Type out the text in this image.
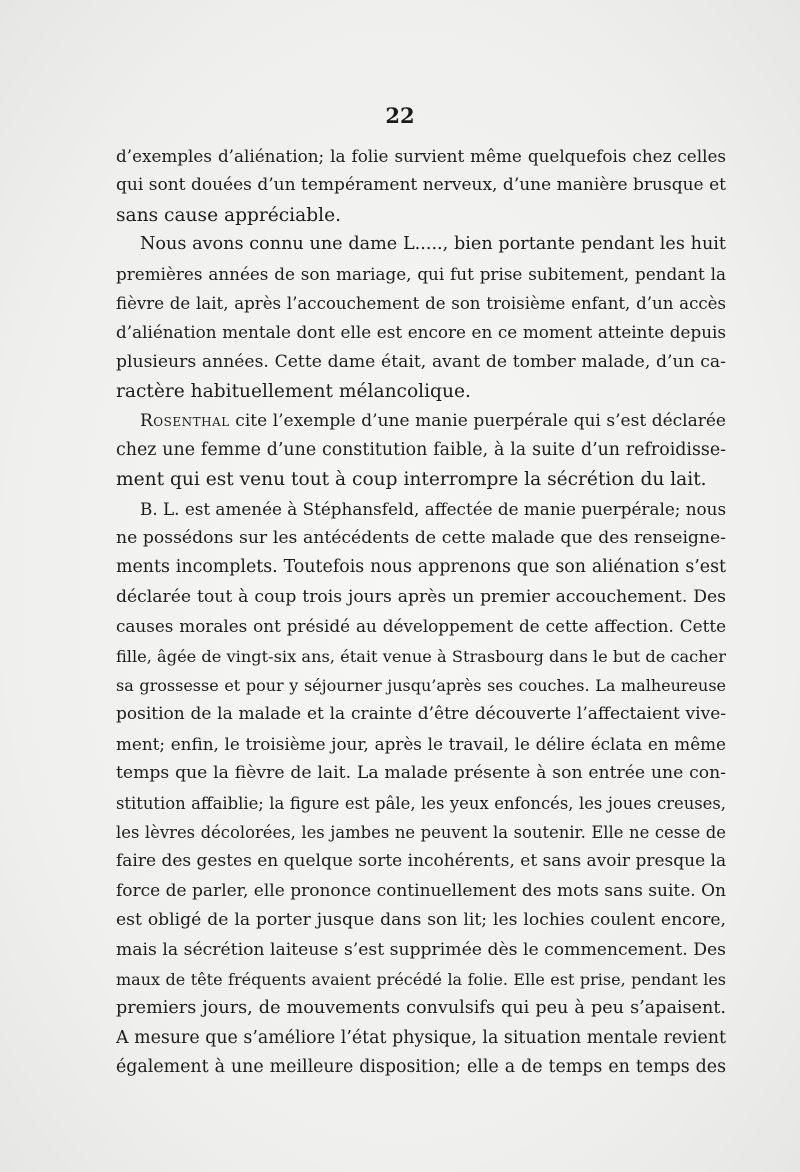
22
d’exemples d’aliénation; la folie survient même quelquefois chez celles
qui sont douées d’un tempérament nerveux, d’une manière brusque et
sans cause appréciable.
Nous avons connu une dame L....., bien portante pendant les huit
premières années de son mariage, qui fut prise subitement, pendant la
fièvre de lait, après l’accouchement de son troisième enfant, d’un accès
d’aliénation mentale dont elle est encore en ce moment atteinte depuis
plusieurs années. Cette dame était, avant de tomber malade, d’un ca-
ractère habituellement mélancolique.
Rosenthal cite l’exemple d’une manie puerpérale qui s’est déclarée
chez une femme d’une constitution faible, à la suite d’un refroidisse-
ment qui est venu tout à coup interrompre la sécrétion du lait.
B. L. est amenée à Stéphansfeld, affectée de manie puerpérale; nous
ne possédons sur les antécédents de cette malade que des renseigne-
ments incomplets. Toutefois nous apprenons que son aliénation s’est
déclarée tout à coup trois jours après un premier accouchement. Des
causes morales ont présidé au développement de cette affection. Cette
fille, âgée de vingt-six ans, était venue à Strasbourg dans le but de cacher
sa grossesse et pour y séjourner jusqu’après ses couches. La malheureuse
position de la malade et la crainte d’être découverte l’affectaient vive-
ment; enfin, le troisième jour, après le travail, le délire éclata en même
temps que la fièvre de lait. La malade présente à son entrée une con-
stitution affaiblie; la figure est pâle, les yeux enfoncés, les joues creuses,
les lèvres décolorées, les jambes ne peuvent la soutenir. Elle ne cesse de
faire des gestes en quelque sorte incohérents, et sans avoir presque la
force de parler, elle prononce continuellement des mots sans suite. On
est obligé de la porter jusque dans son lit; les lochies coulent encore,
mais la sécrétion laiteuse s’est supprimée dès le commencement. Des
maux de tête fréquents avaient précédé la folie. Elle est prise, pendant les
premiers jours, de mouvements convulsifs qui peu à peu s’apaisent.
A mesure que s’améliore l’état physique, la situation mentale revient
également à une meilleure disposition; elle a de temps en temps des
